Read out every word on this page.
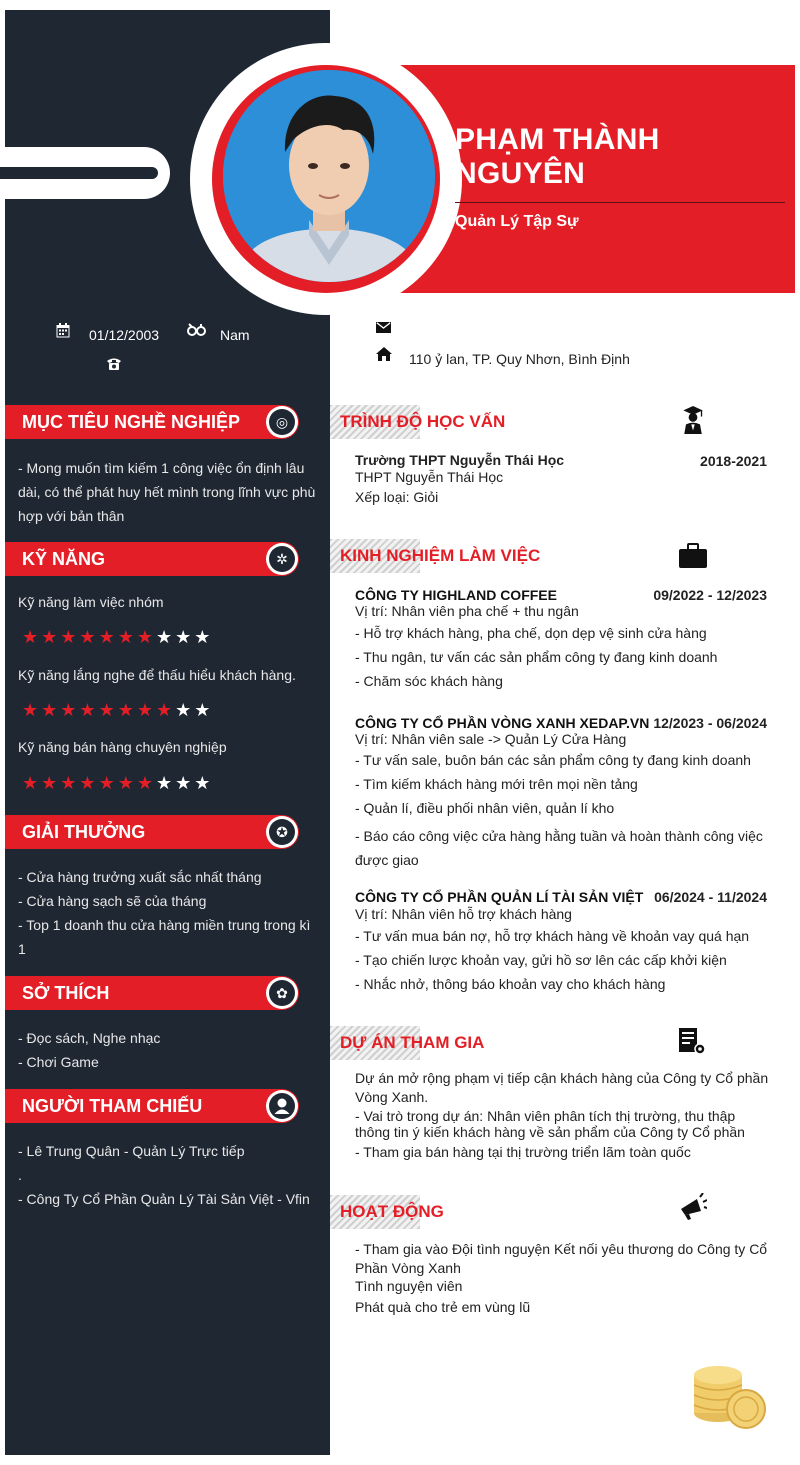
PHẠM THÀNH NGUYÊN
Quản Lý Tập Sự
01/12/2003	Nam
110 ỷ lan, TP. Quy Nhơn, Bình Định
MỤC TIÊU NGHỀ NGHIỆP	◎
- Mong muốn tìm kiếm 1 công việc ổn định lâu dài, có thể phát huy hết mình trong lĩnh vực phù hợp với bản thân
KỸ NĂNG	✲
Kỹ năng làm việc nhóm
★★★★★★★★★★
Kỹ năng lắng nghe để thấu hiểu khách hàng.
★★★★★★★★★★
Kỹ năng bán hàng chuyên nghiệp
★★★★★★★★★★
GIẢI THƯỞNG	✪
- Cửa hàng trưởng xuất sắc nhất tháng
- Cửa hàng sạch sẽ của tháng
- Top 1 doanh thu cửa hàng miền trung trong kì 1
SỞ THÍCH	✿
- Đọc sách, Nghe nhạc
- Chơi Game
NGƯỜI THAM CHIẾU
- Lê Trung Quân - Quản Lý Trực tiếp
.
- Công Ty Cổ Phần Quản Lý Tài Sản Việt - Vfin
TRÌNH ĐỘ HỌC VẤN
Trường THPT Nguyễn Thái Học	2018-2021
THPT Nguyễn Thái Học
Xếp loại: Giỏi
KINH NGHIỆM LÀM VIỆC
CÔNG TY HIGHLAND COFFEE	09/2022 - 12/2023
Vị trí: Nhân viên pha chế + thu ngân
- Hỗ trợ khách hàng, pha chế, dọn dẹp vệ sinh cửa hàng
- Thu ngân, tư vấn các sản phẩm công ty đang kinh doanh
- Chăm sóc khách hàng
CÔNG TY CỔ PHẦN VÒNG XANH XEDAP.VN 12/2023 - 06/2024
Vị trí: Nhân viên sale -> Quản Lý Cửa Hàng
- Tư vấn sale, buôn bán các sản phẩm công ty đang kinh doanh
- Tìm kiếm khách hàng mới trên mọi nền tảng
- Quản lí, điều phối nhân viên, quản lí kho
- Báo cáo công việc cửa hàng hằng tuần và hoàn thành công việc được giao
CÔNG TY CỔ PHẦN QUẢN LÍ TÀI SẢN VIỆT 06/2024 - 11/2024
Vị trí: Nhân viên hỗ trợ khách hàng
- Tư vấn mua bán nợ, hỗ trợ khách hàng về khoản vay quá hạn
- Tạo chiến lược khoản vay, gửi hồ sơ lên các cấp khởi kiện
- Nhắc nhở, thông báo khoản vay cho khách hàng
DỰ ÁN THAM GIA
Dự án mở rộng phạm vị tiếp cận khách hàng của Công ty Cổ phần Vòng Xanh.
- Vai trò trong dự án: Nhân viên phân tích thị trường, thu thập thông tin ý kiến khách hàng về sản phẩm của Công ty Cổ phần
- Tham gia bán hàng tại thị trường triển lãm toàn quốc
HOẠT ĐỘNG
- Tham gia vào Đội tình nguyện Kết nối yêu thương do Công ty Cổ Phần Vòng Xanh
Tình nguyện viên
Phát quà cho trẻ em vùng lũ
